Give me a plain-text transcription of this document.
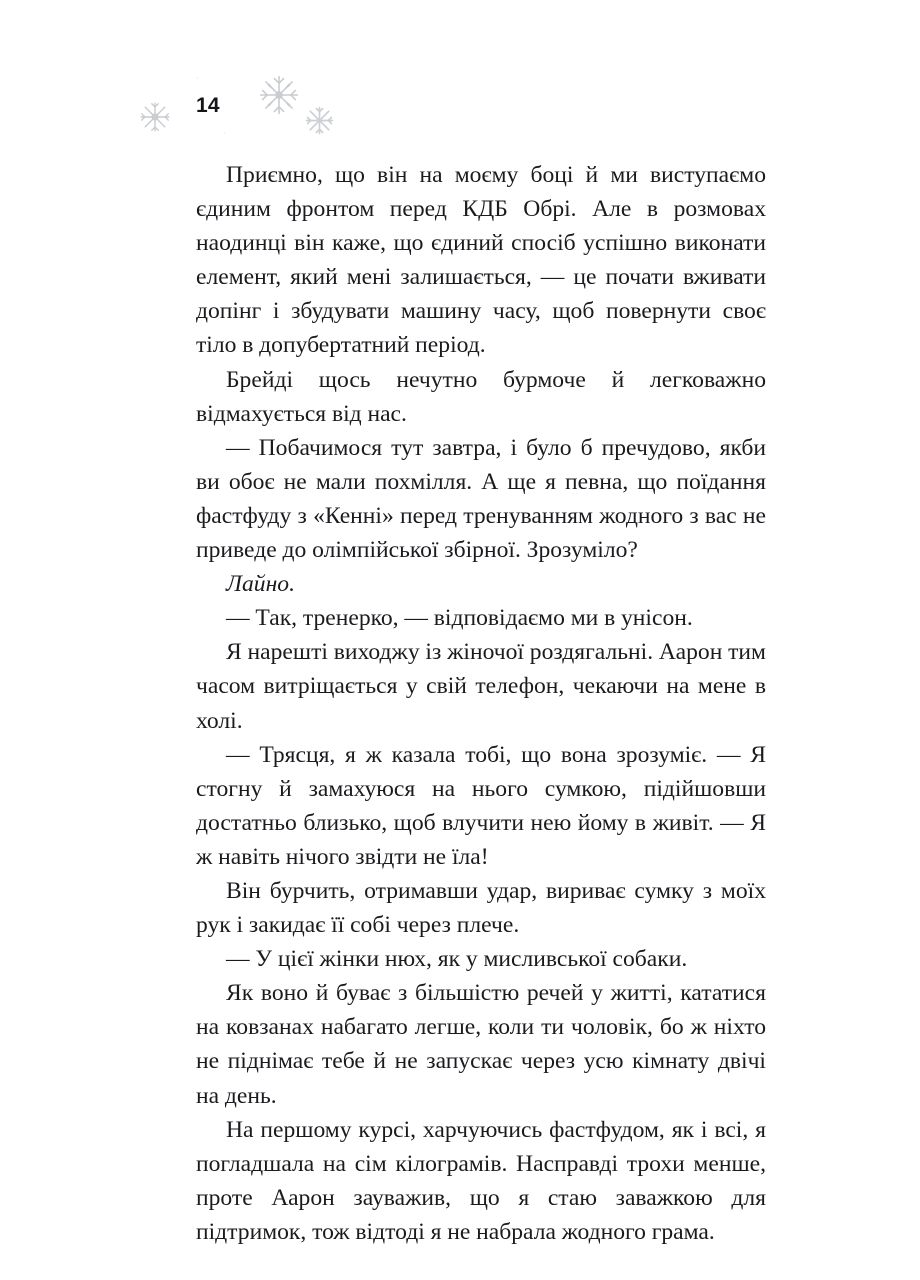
·
·
14

Приємно, що він на моєму боці й ми виступаємо єдиним фронтом перед КДБ Обрі. Але в розмовах наодинці він каже, що єдиний спосіб успішно виконати елемент, який мені залишається, — це почати вживати допінг і збудувати машину часу, щоб повернути своє тіло в допубертатний період.

Брейді щось нечутно бурмоче й легковажно відмахується від нас.

— Побачимося тут завтра, і було б пречудово, якби ви обоє не мали похмілля. А ще я певна, що поїдання фастфуду з «Кенні» перед тренуванням жодного з вас не приведе до олімпійської збірної. Зрозуміло?

Лайно.

— Так, тренерко, — відповідаємо ми в унісон.

Я нарешті виходжу із жіночої роздягальні. Аарон тим часом витріщається у свій телефон, чекаючи на мене в холі.

— Трясця, я ж казала тобі, що вона зрозуміє. — Я стогну й замахуюся на нього сумкою, підійшовши достатньо близько, щоб влучити нею йому в живіт. — Я ж навіть нічого звідти не їла!

Він бурчить, отримавши удар, вириває сумку з моїх рук і закидає її собі через плече.

— У цієї жінки нюх, як у мисливської собаки.

Як воно й буває з більшістю речей у житті, кататися на ковзанах набагато легше, коли ти чоловік, бо ж ніхто не піднімає тебе й не запускає через усю кімнату двічі на день.

На першому курсі, харчуючись фастфудом, як і всі, я погладшала на сім кілограмів. Насправді трохи менше, проте Аарон зауважив, що я стаю заважкою для підтримок, тож відтоді я не набрала жодного грама.
